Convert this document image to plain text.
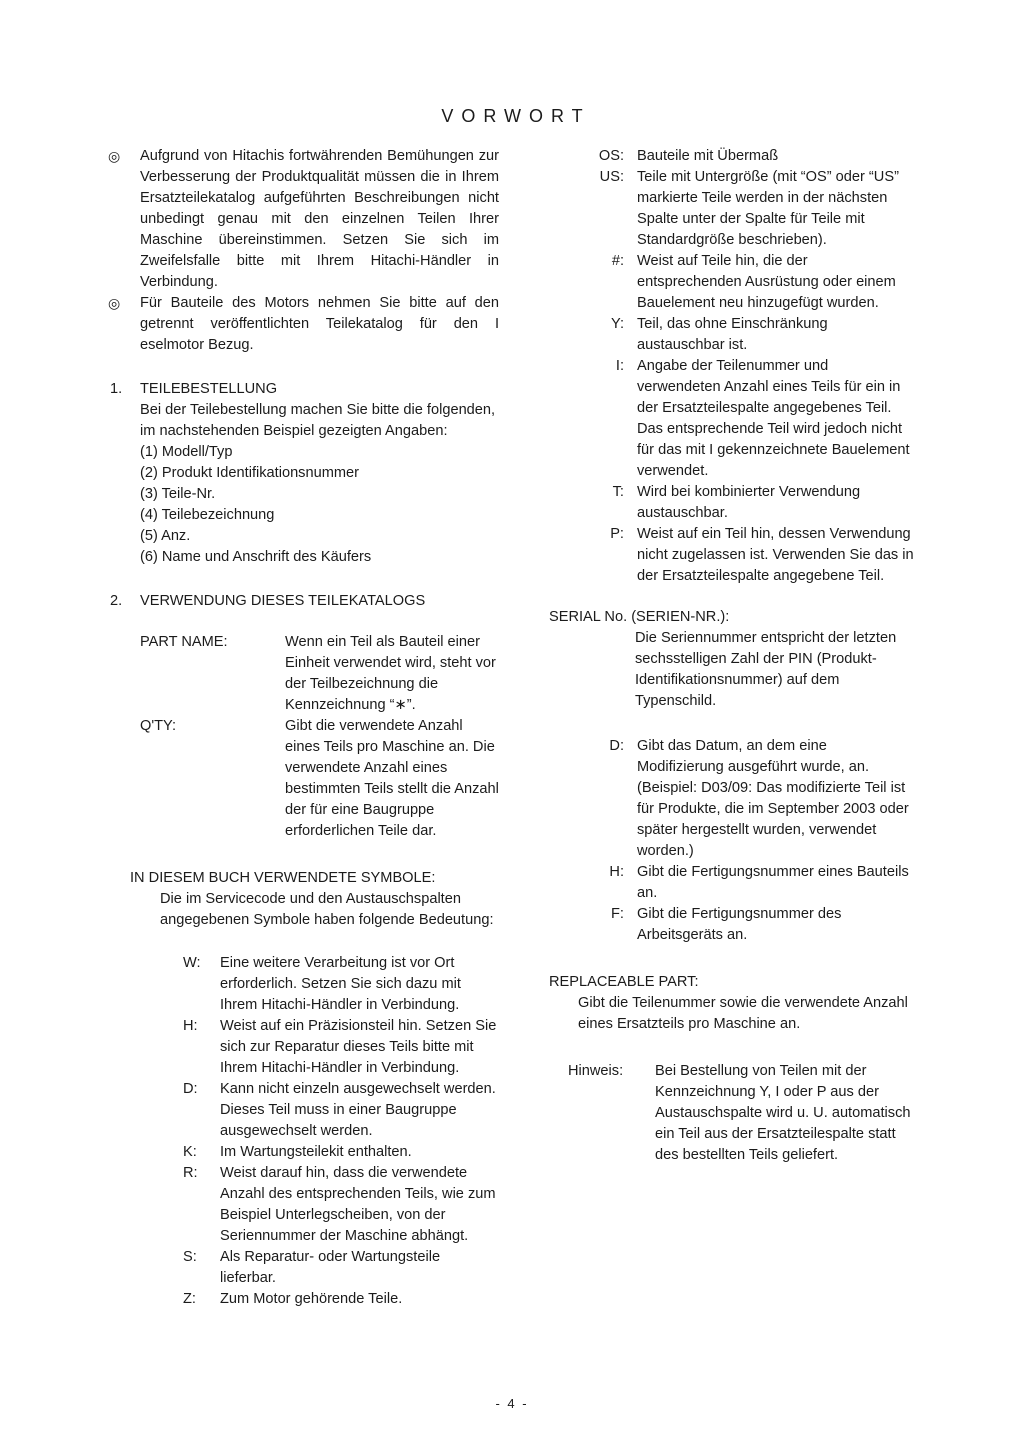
VORWORT
◎	Aufgrund von Hitachis fortwährenden Bemühungen zur Verbesserung der Produktqualität müssen die in Ihrem Ersatzteilekatalog aufgeführten Beschreibungen nicht unbedingt genau mit den einzelnen Teilen Ihrer Maschine übereinstimmen. Setzen Sie sich im Zweifelsfalle bitte mit Ihrem Hitachi-Händler in Verbindung.
◎	Für Bauteile des Motors nehmen Sie bitte auf den getrennt veröffentlichten Teilekatalog für den I eselmotor Bezug.
1.	TEILEBESTELLUNG
Bei der Teilebestellung machen Sie bitte die folgenden, im nachstehenden Beispiel gezeigten Angaben:
(1) Modell/Typ
(2) Produkt Identifikationsnummer
(3) Teile-Nr.
(4) Teilebezeichnung
(5) Anz.
(6) Name und Anschrift des Käufers
2.	VERWENDUNG DIESES TEILEKATALOGS
PART NAME:	Wenn ein Teil als Bauteil einer Einheit verwendet wird, steht vor der Teilbezeichnung die Kennzeichnung “∗”.
Q'TY:	Gibt die verwendete Anzahl eines Teils pro Maschine an. Die verwendete Anzahl eines bestimmten Teils stellt die Anzahl der für eine Baugruppe erforderlichen Teile dar.
IN DIESEM BUCH VERWENDETE SYMBOLE:
Die im Servicecode und den Austauschspalten angegebenen Symbole haben folgende Bedeutung:
W:	Eine weitere Verarbeitung ist vor Ort erforderlich. Setzen Sie sich dazu mit Ihrem Hitachi-Händler in Verbindung.
H:	Weist auf ein Präzisionsteil hin. Setzen Sie sich zur Reparatur dieses Teils bitte mit Ihrem Hitachi-Händler in Verbindung.
D:	Kann nicht einzeln ausgewechselt werden. Dieses Teil muss in einer Baugruppe ausgewechselt werden.
K:	Im Wartungsteilekit enthalten.
R:	Weist darauf hin, dass die verwendete Anzahl des entsprechenden Teils, wie zum Beispiel Unterlegscheiben, von der Seriennummer der Maschine abhängt.
S:	Als Reparatur- oder Wartungsteile lieferbar.
Z:	Zum Motor gehörende Teile.
OS: Bauteile mit Übermaß
US: Teile mit Untergröße (mit “OS” oder “US” markierte Teile werden in der nächsten Spalte unter der Spalte für Teile mit Standardgröße beschrieben).
#: Weist auf Teile hin, die der entsprechenden Ausrüstung oder einem Bauelement neu hinzugefügt wurden.
Y: Teil, das ohne Einschränkung austauschbar ist.
I: Angabe der Teilenummer und verwendeten Anzahl eines Teils für ein in der Ersatzteilespalte angegebenes Teil. Das entsprechende Teil wird jedoch nicht für das mit I gekennzeichnete Bauelement verwendet.
T: Wird bei kombinierter Verwendung austauschbar.
P: Weist auf ein Teil hin, dessen Verwendung nicht zugelassen ist. Verwenden Sie das in der Ersatzteilespalte angegebene Teil.
SERIAL No. (SERIEN-NR.):
Die Seriennummer entspricht der letzten sechsstelligen Zahl der PIN (Produkt-Identifikationsnummer) auf dem Typenschild.
D: Gibt das Datum, an dem eine Modifizierung ausgeführt wurde, an. (Beispiel: D03/09: Das modifizierte Teil ist für Produkte, die im September 2003 oder später hergestellt wurden, verwendet worden.)
H: Gibt die Fertigungsnummer eines Bauteils an.
F: Gibt die Fertigungsnummer des Arbeitsgeräts an.
REPLACEABLE PART:
Gibt die Teilenummer sowie die verwendete Anzahl eines Ersatzteils pro Maschine an.
Hinweis:	Bei Bestellung von Teilen mit der Kennzeichnung Y, I oder P aus der Austauschspalte wird u. U. automatisch ein Teil aus der Ersatzteilespalte statt des bestellten Teils geliefert.
- 4 -
